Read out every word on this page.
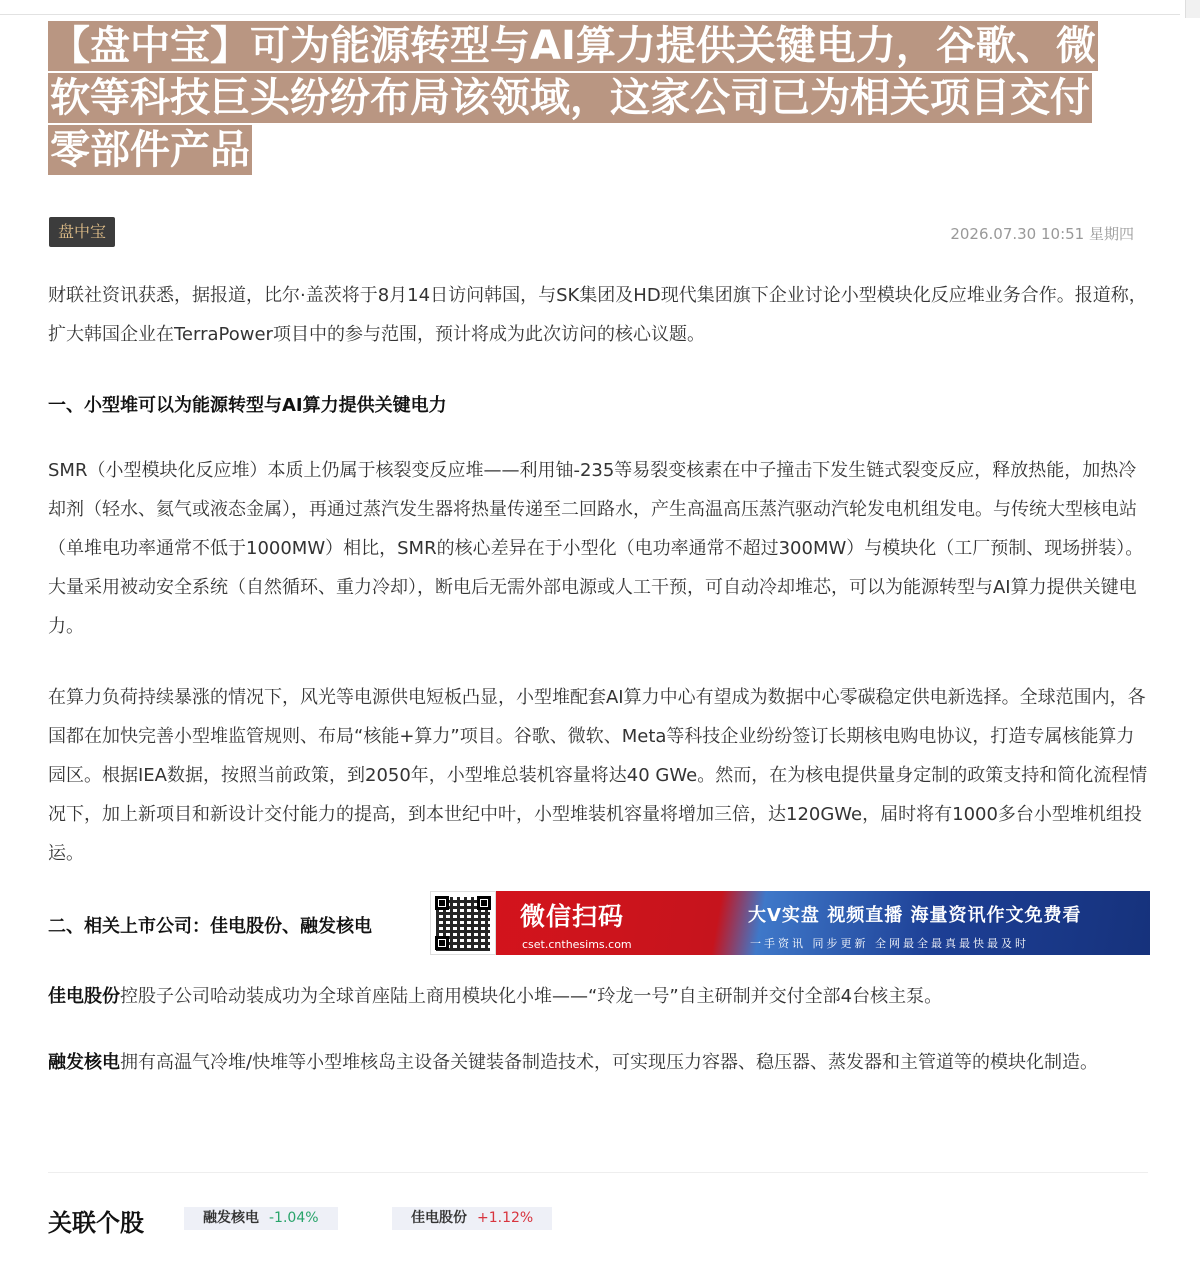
【盘中宝】可为能源转型与AI算力提供关键电力，谷歌、微
软等科技巨头纷纷布局该领域，这家公司已为相关项目交付
零部件产品
盘中宝	2026.07.30 10:51 星期四

财联社资讯获悉，据报道，比尔·盖茨将于8月14日访问韩国，与SK集团及HD现代集团旗下企业讨论小型模块化反应堆业务合作。报道称，扩大韩国企业在TerraPower项目中的参与范围，预计将成为此次访问的核心议题。

一、小型堆可以为能源转型与AI算力提供关键电力

SMR（小型模块化反应堆）本质上仍属于核裂变反应堆——利用铀-235等易裂变核素在中子撞击下发生链式裂变反应，释放热能，加热冷却剂（轻水、氦气或液态金属），再通过蒸汽发生器将热量传递至二回路水，产生高温高压蒸汽驱动汽轮发电机组发电。与传统大型核电站（单堆电功率通常不低于1000MW）相比，SMR的核心差异在于小型化（电功率通常不超过300MW）与模块化（工厂预制、现场拼装）。大量采用被动安全系统（自然循环、重力冷却），断电后无需外部电源或人工干预，可自动冷却堆芯，可以为能源转型与AI算力提供关键电力。

在算力负荷持续暴涨的情况下，风光等电源供电短板凸显，小型堆配套AI算力中心有望成为数据中心零碳稳定供电新选择。全球范围内，各国都在加快完善小型堆监管规则、布局“核能+算力”项目。谷歌、微软、Meta等科技企业纷纷签订长期核电购电协议，打造专属核能算力园区。根据IEA数据，按照当前政策，到2050年，小型堆总装机容量将达40 GWe。然而，在为核电提供量身定制的政策支持和简化流程情况下，加上新项目和新设计交付能力的提高，到本世纪中叶，小型堆装机容量将增加三倍，达120GWe，届时将有1000多台小型堆机组投运。

二、相关上市公司：佳电股份、融发核电	微信扫码
cset.cnthesims.com
大V实盘 视频直播 海量资讯作文免费看
一手资讯 同步更新 全网最全最真最快最及时

佳电股份控股子公司哈动装成功为全球首座陆上商用模块化小堆——“玲龙一号”自主研制并交付全部4台核主泵。

融发核电拥有高温气冷堆/快堆等小型堆核岛主设备关键装备制造技术，可实现压力容器、稳压器、蒸发器和主管道等的模块化制造。

关联个股	融发核电 -1.04%	佳电股份 +1.12%
